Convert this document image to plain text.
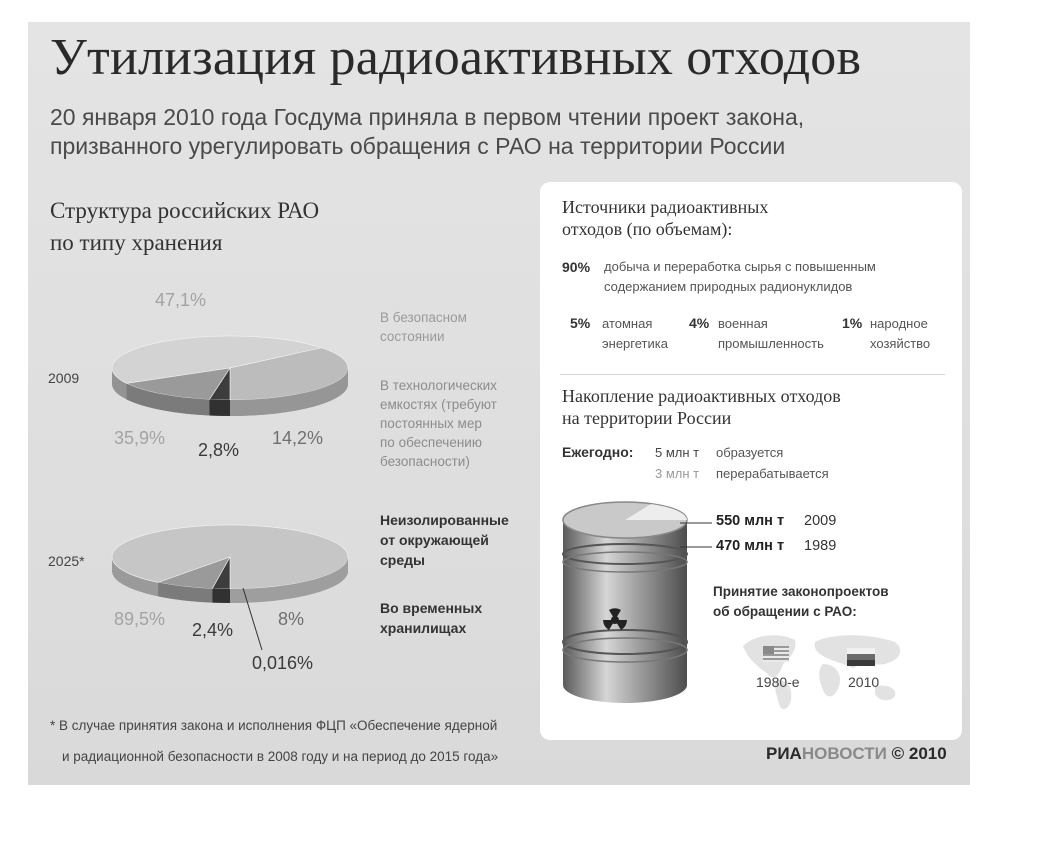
Утилизация радиоактивных отходов
20 января 2010 года Госдума приняла в первом чтении проект закона,
призванного урегулировать обращения с РАО на территории России
Структура российских РАО
по типу хранения
2009
47,1%
35,9%
2,8%
14,2%
2025*
89,5%
2,4%
8%
0,016%
В безопасном
состоянии
В технологических
емкостях (требуют
постоянных мер
по обеспечению
безопасности)
Неизолированные
от окружающей
среды
Во временных
хранилищах
* В случае принятия закона и исполнения ФЦП «Обеспечение ядерной
и радиационной безопасности в 2008 году и на период до 2015 года»
Источники радиоактивных
отходов (по объемам):
90% добыча и переработка сырья с повышенным
содержанием природных радионуклидов
5% атомная
энергетика
4% военная
промышленность
1% народное
хозяйство
Накопление радиоактивных отходов
на территории России
Ежегодно: 5 млн т образуется
3 млн т перерабатывается
550 млн т 2009
470 млн т 1989
Принятие законопроектов
об обращении с РАО:
1980-е	2010
РИАНОВОСТИ © 2010
